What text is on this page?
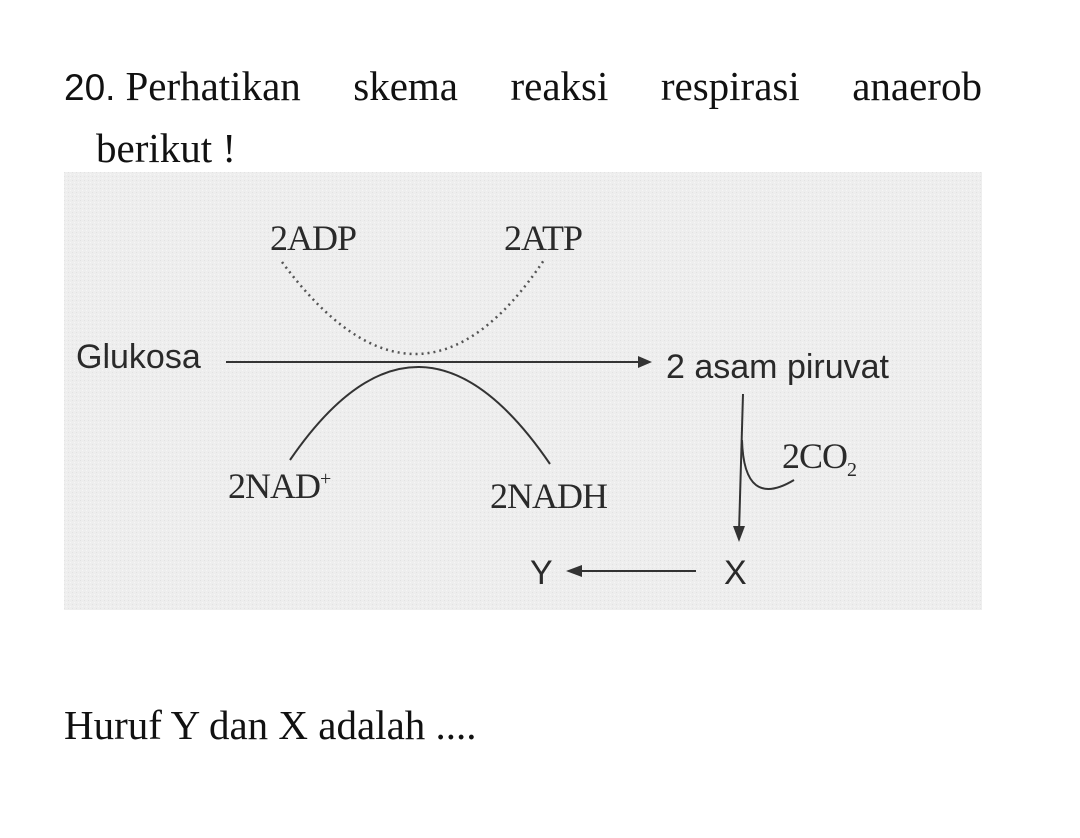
20. Perhatikan skema reaksi respirasi anaerob
berikut !
2ADP	2ATP
Glukosa	2 asam piruvat
2NAD+	2NADH
$2CO_2$
X
Y
Huruf Y dan X adalah ....
